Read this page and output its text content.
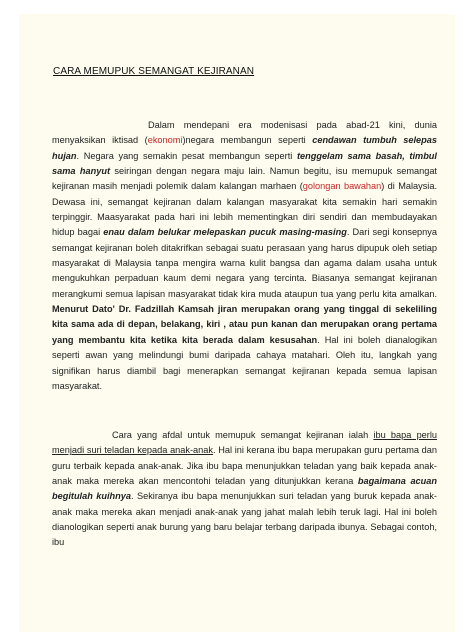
CARA MEMUPUK SEMANGAT KEJIRANAN

Dalam mendepani era modenisasi pada abad-21 kini, dunia menyaksikan iktisad (ekonomi)negara membangun seperti cendawan tumbuh selepas hujan. Negara yang semakin pesat membangun seperti tenggelam sama basah, timbul sama hanyut seiringan dengan negara maju lain. Namun begitu, isu memupuk semangat kejiranan masih menjadi polemik dalam kalangan marhaen (golongan bawahan) di Malaysia. Dewasa ini, semangat kejiranan dalam kalangan masyarakat kita semakin hari semakin terpinggir. Maasyarakat pada hari ini lebih mementingkan diri sendiri dan membudayakan hidup bagai enau dalam belukar melepaskan pucuk masing-masing. Dari segi konsepnya semangat kejiranan boleh ditakrifkan sebagai suatu perasaan yang harus dipupuk oleh setiap masyarakat di Malaysia tanpa mengira warna kulit bangsa dan agama dalam usaha untuk mengukuhkan perpaduan kaum demi negara yang tercinta. Biasanya semangat kejiranan merangkumi semua lapisan masyarakat tidak kira muda ataupun tua yang perlu kita amalkan. Menurut Dato' Dr. Fadzillah Kamsah jiran merupakan orang yang tinggal di sekeliling kita sama ada di depan, belakang, kiri , atau pun kanan dan merupakan orang pertama yang membantu kita ketika kita berada dalam kesusahan. Hal ini boleh dianalogikan seperti awan yang melindungi bumi daripada cahaya matahari. Oleh itu, langkah yang signifikan harus diambil bagi menerapkan semangat kejiranan kepada semua lapisan masyarakat.

Cara yang afdal untuk memupuk semangat kejiranan ialah ibu bapa perlu menjadi suri teladan kepada anak-anak. Hal ini kerana ibu bapa merupakan guru pertama dan guru terbaik kepada anak-anak. Jika ibu bapa menunjukkan teladan yang baik kepada anak-anak maka mereka akan mencontohi teladan yang ditunjukkan kerana bagaimana acuan begitulah kuihnya. Sekiranya ibu bapa menunjukkan suri teladan yang buruk kepada anak-anak maka mereka akan menjadi anak-anak yang jahat malah lebih teruk lagi. Hal ini boleh dianologikan seperti anak burung yang baru belajar terbang daripada ibunya. Sebagai contoh, ibu
